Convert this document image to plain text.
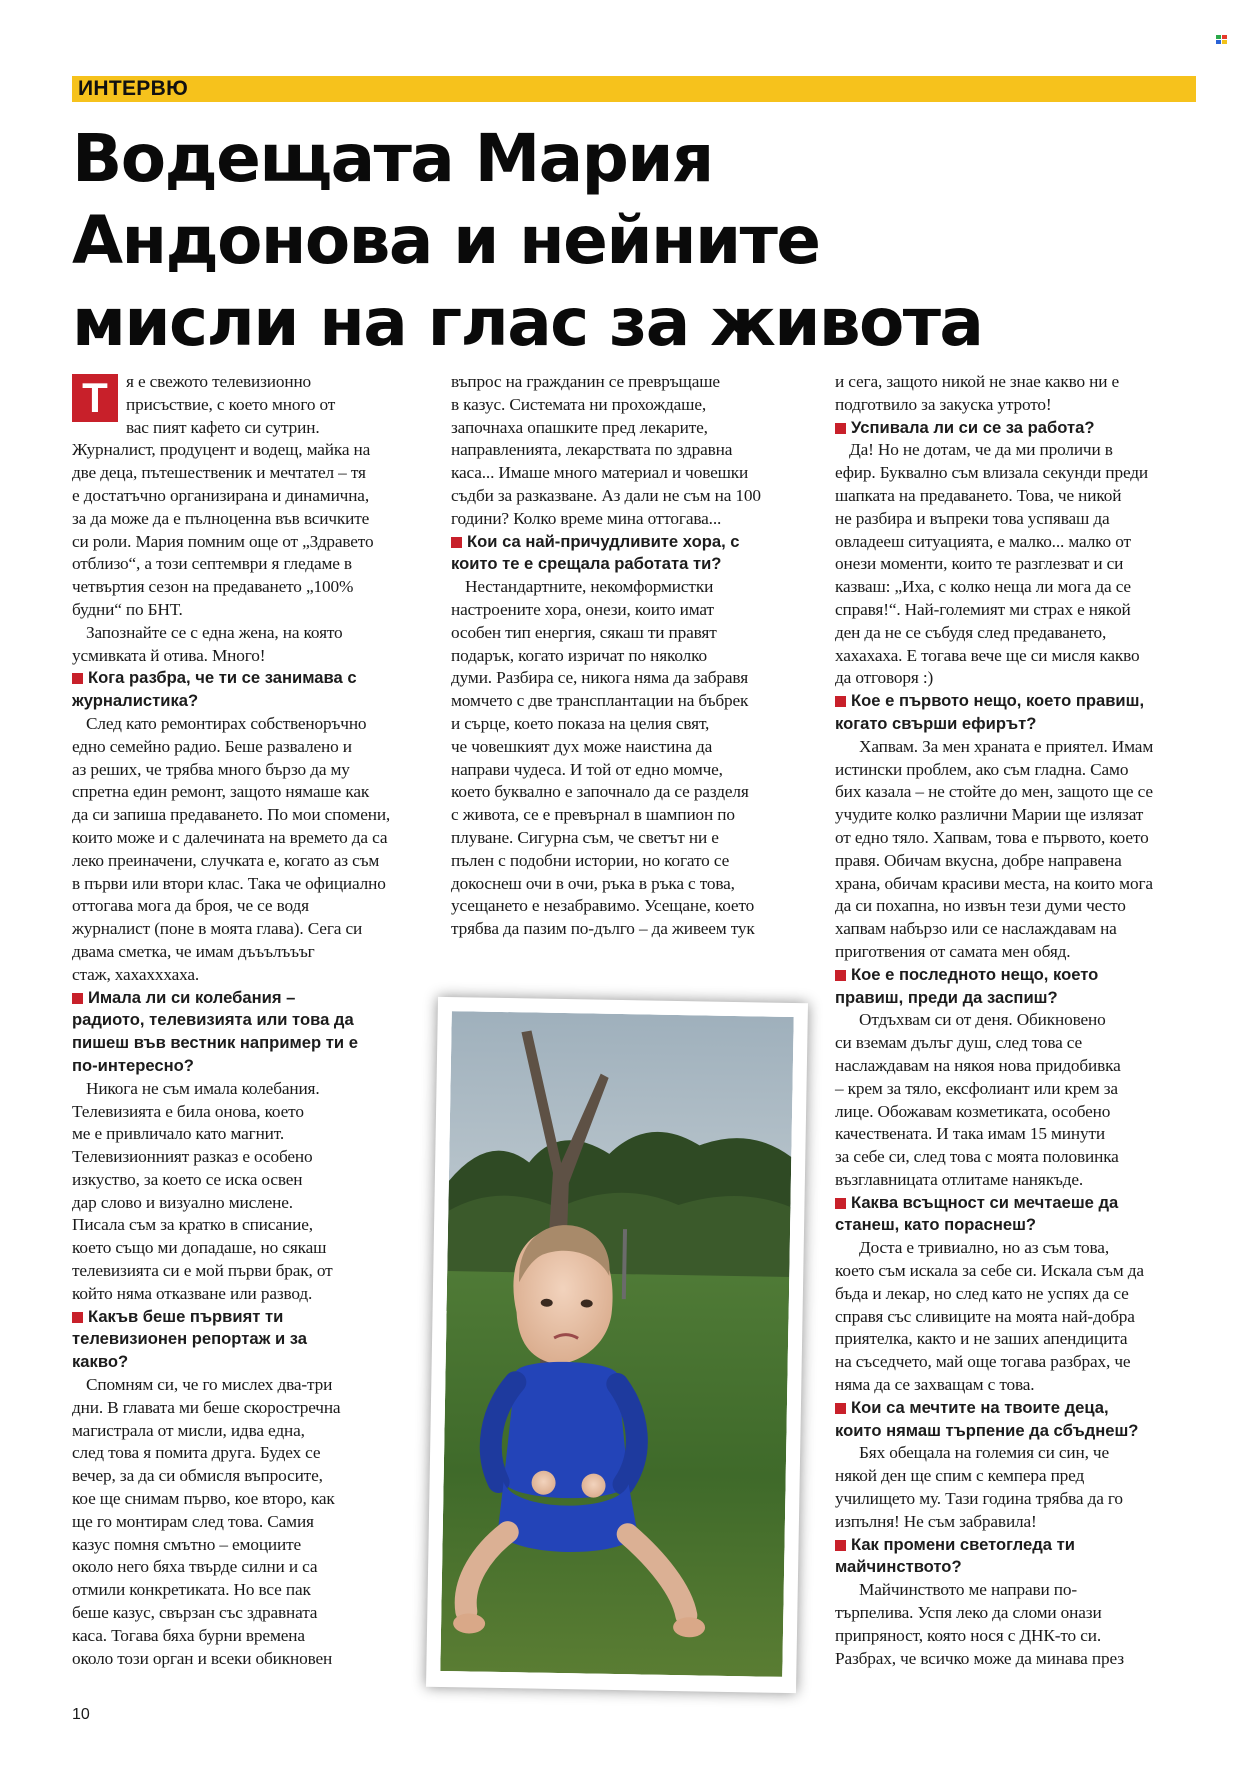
ИНТЕРВЮ
Водещата Мария
Андонова и нейните
мисли на глас за живота
Т	я е свежото телевизионно
присъствие, с което много от
вас пият кафето си сутрин.
Журналист, продуцент и водещ, майка на
две деца, пътешественик и мечтател – тя
е достатъчно организирана и динамична,
за да може да е пълноценна във всичките
си роли. Мария помним още от „Здравето
отблизо“, а този септември я гледаме в
четвъртия сезон на предаването „100%
будни“ по БНТ.
Запознайте се с една жена, на която
усмивката й отива. Много!
Кога разбра, че ти се занимава с
журналистика?
След като ремонтирах собственоръчно
едно семейно радио. Беше развалено и
аз реших, че трябва много бързо да му
спретна един ремонт, защото нямаше как
да си запиша предаването. По мои спомени,
които може и с далечината на времето да са
леко преиначени, случката е, когато аз съм
в първи или втори клас. Така че официално
оттогава мога да броя, че се водя
журналист (поне в моята глава). Сега си
двама сметка, че имам дъъълъъъг
стаж, хахахххаха.
Имала ли си колебания –
радиото, телевизията или това да
пишеш във вестник например ти е
по-интересно?
Никога не съм имала колебания.
Телевизията е била онова, което
ме е привличало като магнит.
Телевизионният разказ е особено
изкуство, за което се иска освен
дар слово и визуално мислене.
Писала съм за кратко в списание,
което също ми допадаше, но сякаш
телевизията си е мой първи брак, от
който няма отказване или развод.
Какъв беше първият ти
телевизионен репортаж и за
какво?
Спомням си, че го мислех два-три
дни. В главата ми беше скоростречна
магистрала от мисли, идва една,
след това я помита друга. Будех се
вечер, за да си обмисля въпросите,
кое ще снимам първо, кое второ, как
ще го монтирам след това. Самия
казус помня смътно – емоциите
около него бяха твърде силни и са
отмили конкретиката. Но все пак
беше казус, свързан със здравната
каса. Тогава бяха бурни времена
около този орган и всеки обикновен
въпрос на гражданин се превръщаше
в казус. Системата ни прохождаше,
започнаха опашките пред лекарите,
направленията, лекарствата по здравна
каса... Имаше много материал и човешки
съдби за разказване. Аз дали не съм на 100
години? Колко време мина оттогава...
Кои са най-причудливите хора, с
които те е срещала работата ти?
Нестандартните, некомформистки
настроените хора, онези, които имат
особен тип енергия, сякаш ти правят
подарък, когато изричат по няколко
думи. Разбира се, никога няма да забравя
момчето с две трансплантации на бъбрек
и сърце, което показа на целия свят,
че човешкият дух може наистина да
направи чудеса. И той от едно момче,
което буквално е започнало да се разделя
с живота, се е превърнал в шампион по
плуване. Сигурна съм, че светът ни е
пълен с подобни истории, но когато се
докоснеш очи в очи, ръка в ръка с това,
усещането е незабравимо. Усещане, което
трябва да пазим по-дълго – да живеем тук
и сега, защото никой не знае какво ни е
подготвило за закуска утрото!
Успивала ли си се за работа?
Да! Но не дотам, че да ми проличи в
ефир. Буквално съм влизала секунди преди
шапката на предаването. Това, че никой
не разбира и въпреки това успяваш да
овладееш ситуацията, е малко... малко от
онези моменти, които те разглезват и си
казваш: „Иха, с колко неща ли мога да се
справя!“. Най-големият ми страх е някой
ден да не се събудя след предаването,
хахахаха. Е тогава вече ще си мисля какво
да отговоря :)
Кое е първото нещо, което правиш,
когато свърши ефирът?
Хапвам. За мен храната е приятел. Имам
истински проблем, ако съм гладна. Само
бих казала – не стойте до мен, защото ще се
учудите колко различни Марии ще излязат
от едно тяло. Хапвам, това е първото, което
правя. Обичам вкусна, добре направена
храна, обичам красиви места, на които мога
да си похапна, но извън тези думи често
хапвам набързо или се наслаждавам на
приготвения от самата мен обяд.
Кое е последното нещо, което
правиш, преди да заспиш?
Отдъхвам си от деня. Обикновено
си вземам дълъг душ, след това се
наслаждавам на някоя нова придобивка
– крем за тяло, ексфолиант или крем за
лице. Обожавам козметиката, особено
качествената. И така имам 15 минути
за себе си, след това с моята половинка
възглавницата отлитаме нанякъде.
Каква всъщност си мечтаеше да
станеш, като пораснеш?
Доста е тривиално, но аз съм това,
което съм искала за себе си. Искала съм да
бъда и лекар, но след като не успях да се
справя със сливиците на моята най-добра
приятелка, както и не заших апендицита
на съседчето, май още тогава разбрах, че
няма да се захващам с това.
Кои са мечтите на твоите деца,
които нямаш търпение да сбъднеш?
Бях обещала на големия си син, че
някой ден ще спим с кемпера пред
училището му. Тази година трябва да го
изпълня! Не съм забравила!
Как промени светогледа ти
майчинството?
Майчинството ме направи по-
търпелива. Успя леко да сломи онази
припряност, която нося с ДНК-то си.
Разбрах, че всичко може да минава през
10
